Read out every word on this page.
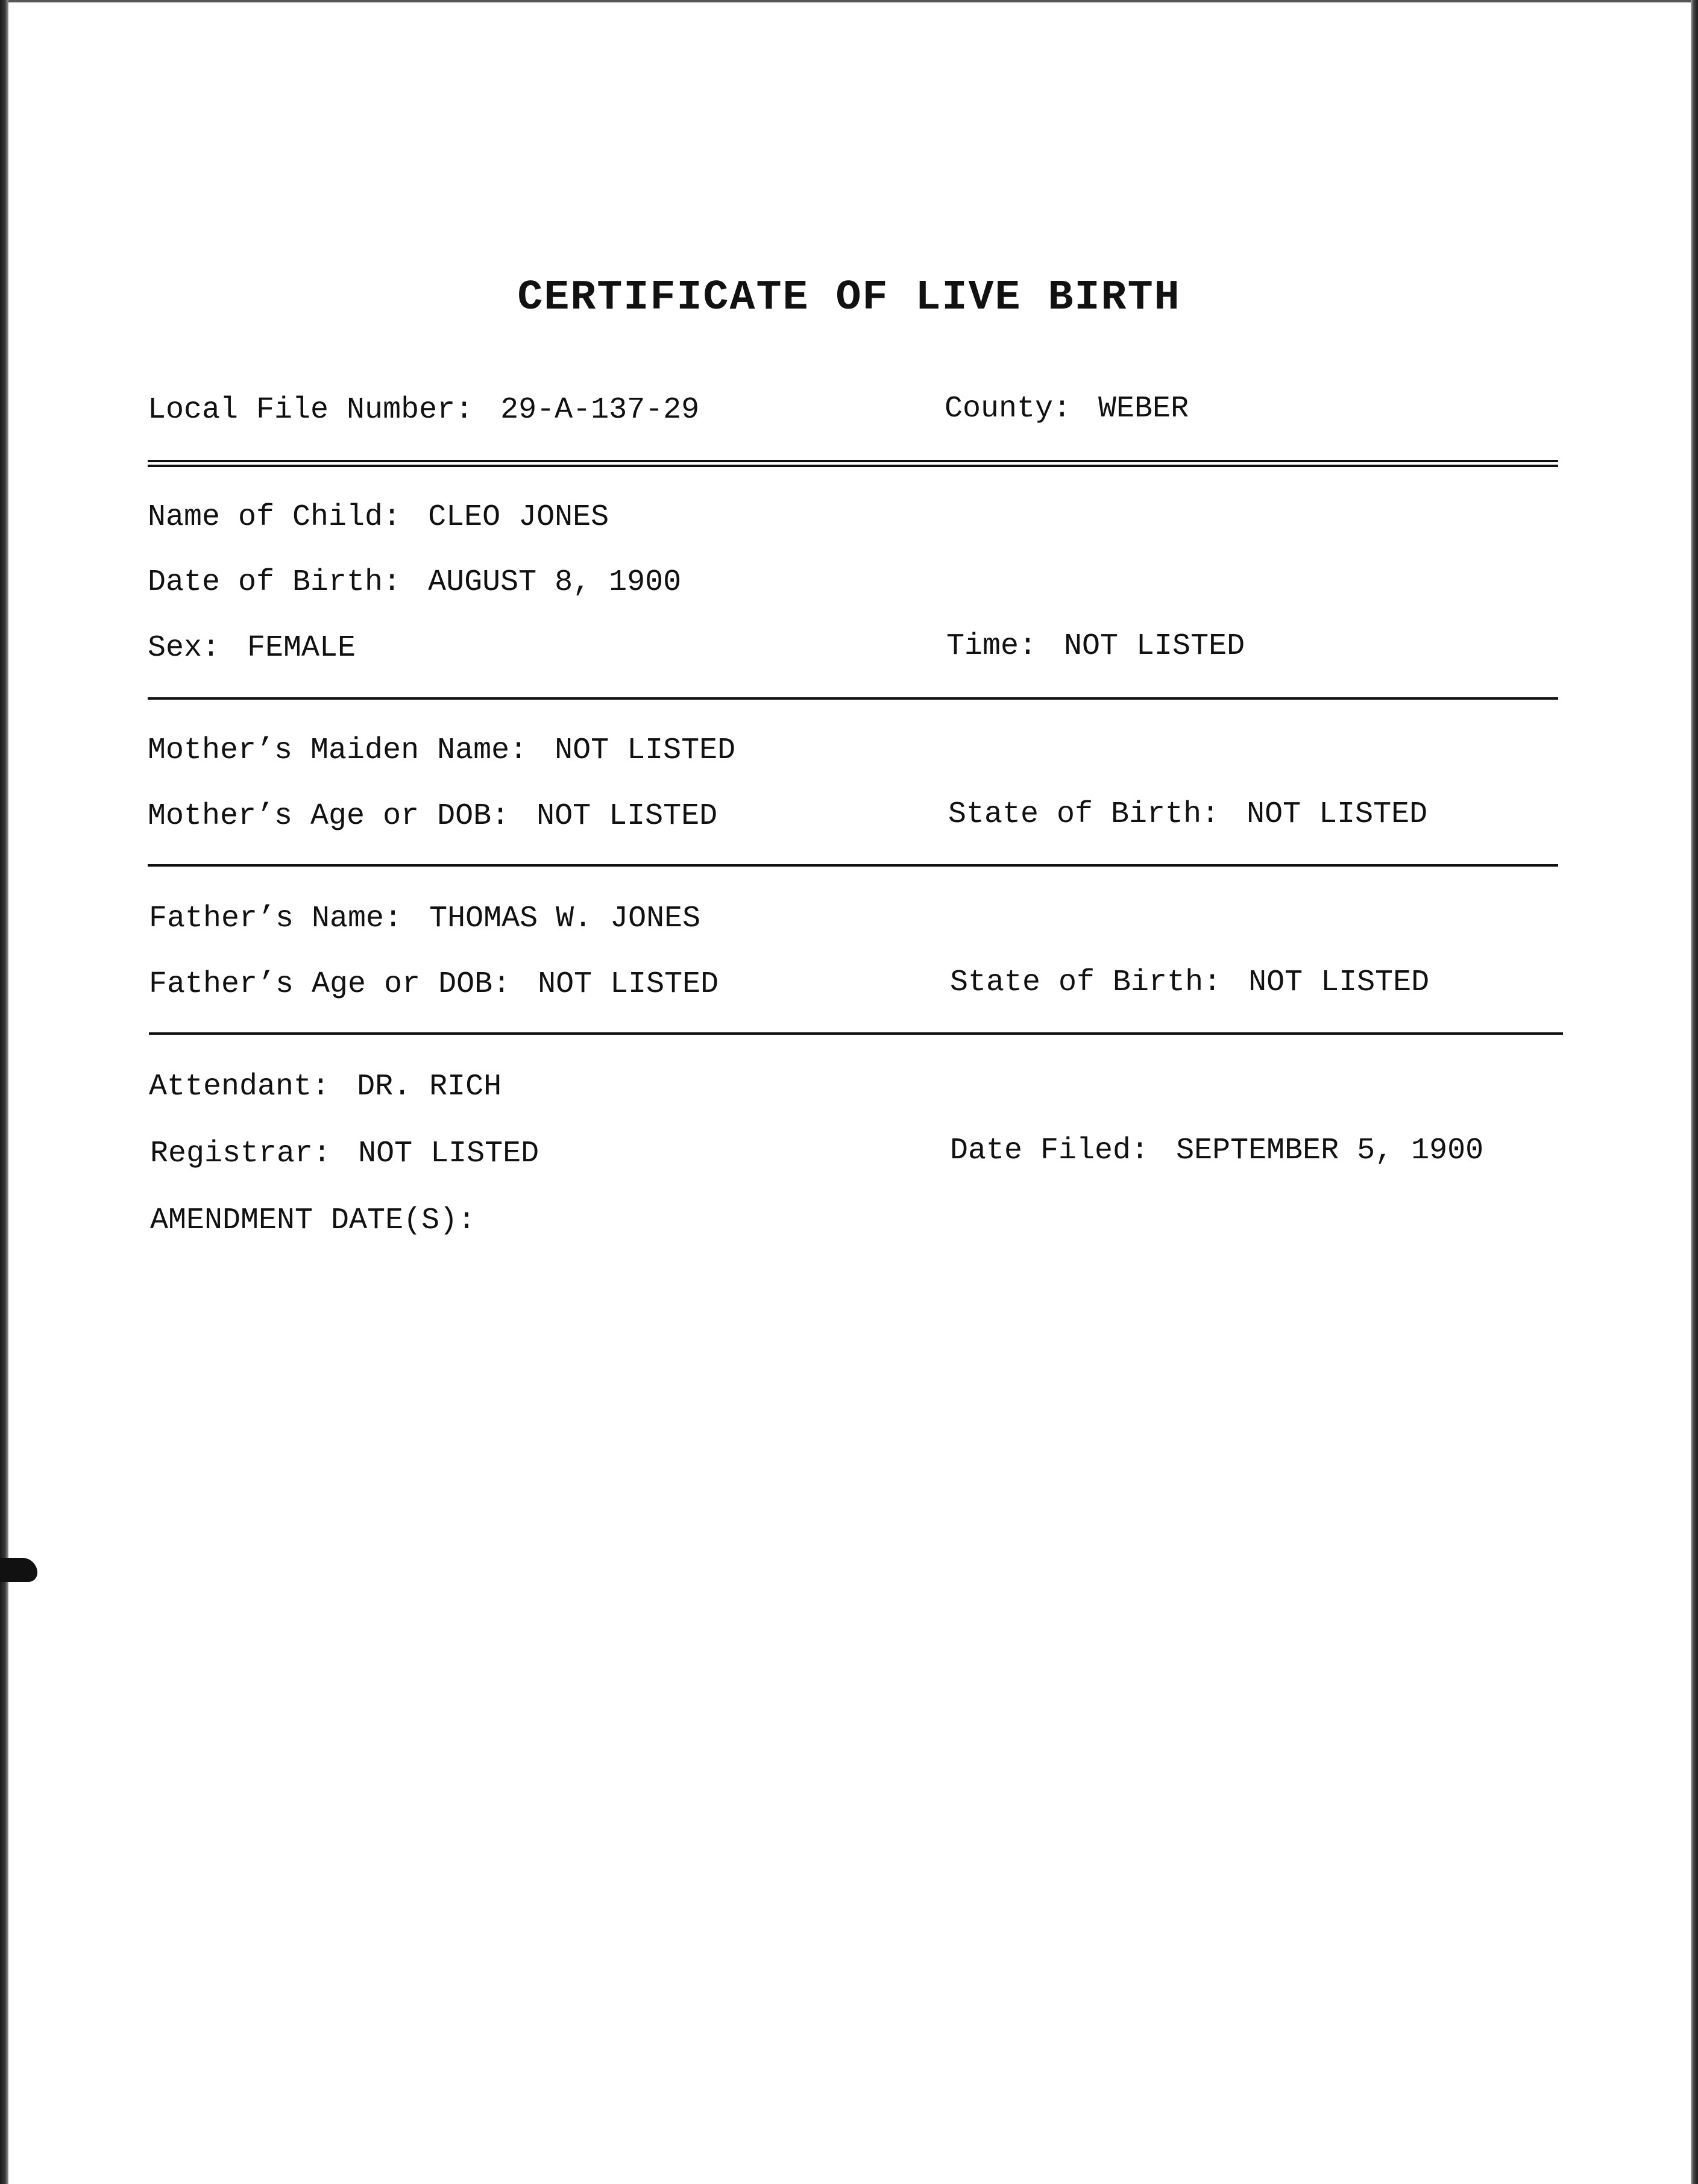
CERTIFICATE OF LIVE BIRTH
Local File Number: 29-A-137-29	County: WEBER
Name of Child: CLEO JONES
Date of Birth: AUGUST 8, 1900
Sex: FEMALE	Time: NOT LISTED
Mother’s Maiden Name: NOT LISTED
Mother’s Age or DOB: NOT LISTED	State of Birth: NOT LISTED
Father’s Name: THOMAS W. JONES
Father’s Age or DOB: NOT LISTED	State of Birth: NOT LISTED
Attendant: DR. RICH
Registrar: NOT LISTED	Date Filed: SEPTEMBER 5, 1900
AMENDMENT DATE(S):
